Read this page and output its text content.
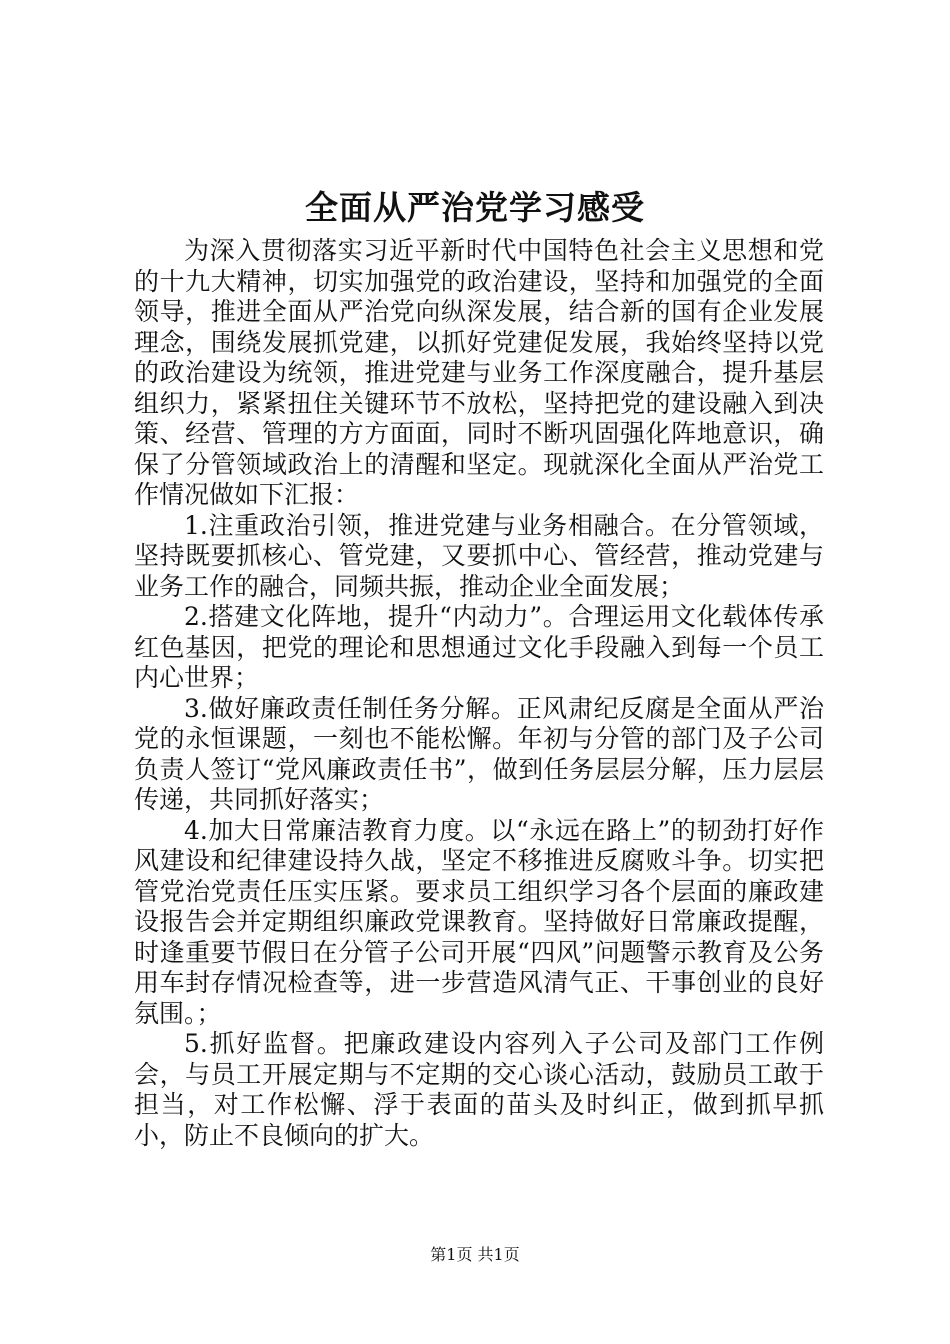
全面从严治党学习感受

为深入贯彻落实习近平新时代中国特色社会主义思想和党的十九大精神，切实加强党的政治建设，坚持和加强党的全面领导，推进全面从严治党向纵深发展，结合新的国有企业发展理念，围绕发展抓党建，以抓好党建促发展，我始终坚持以党的政治建设为统领，推进党建与业务工作深度融合，提升基层组织力，紧紧扭住关键环节不放松，坚持把党的建设融入到决策、经营、管理的方方面面，同时不断巩固强化阵地意识，确保了分管领域政治上的清醒和坚定。现就深化全面从严治党工作情况做如下汇报：

1.注重政治引领，推进党建与业务相融合。在分管领域，坚持既要抓核心、管党建，又要抓中心、管经营，推动党建与业务工作的融合，同频共振，推动企业全面发展；

2.搭建文化阵地，提升“内动力”。合理运用文化载体传承红色基因，把党的理论和思想通过文化手段融入到每一个员工内心世界；

3.做好廉政责任制任务分解。正风肃纪反腐是全面从严治党的永恒课题，一刻也不能松懈。年初与分管的部门及子公司负责人签订“党风廉政责任书”，做到任务层层分解，压力层层传递，共同抓好落实；

4.加大日常廉洁教育力度。以“永远在路上”的韧劲打好作风建设和纪律建设持久战，坚定不移推进反腐败斗争。切实把管党治党责任压实压紧。要求员工组织学习各个层面的廉政建设报告会并定期组织廉政党课教育。坚持做好日常廉政提醒，时逢重要节假日在分管子公司开展“四风”问题警示教育及公务用车封存情况检查等，进一步营造风清气正、干事创业的良好氛围。；

5.抓好监督。把廉政建设内容列入子公司及部门工作例会，与员工开展定期与不定期的交心谈心活动，鼓励员工敢于担当，对工作松懈、浮于表面的苗头及时纠正，做到抓早抓小，防止不良倾向的扩大。

第1页 共1页
